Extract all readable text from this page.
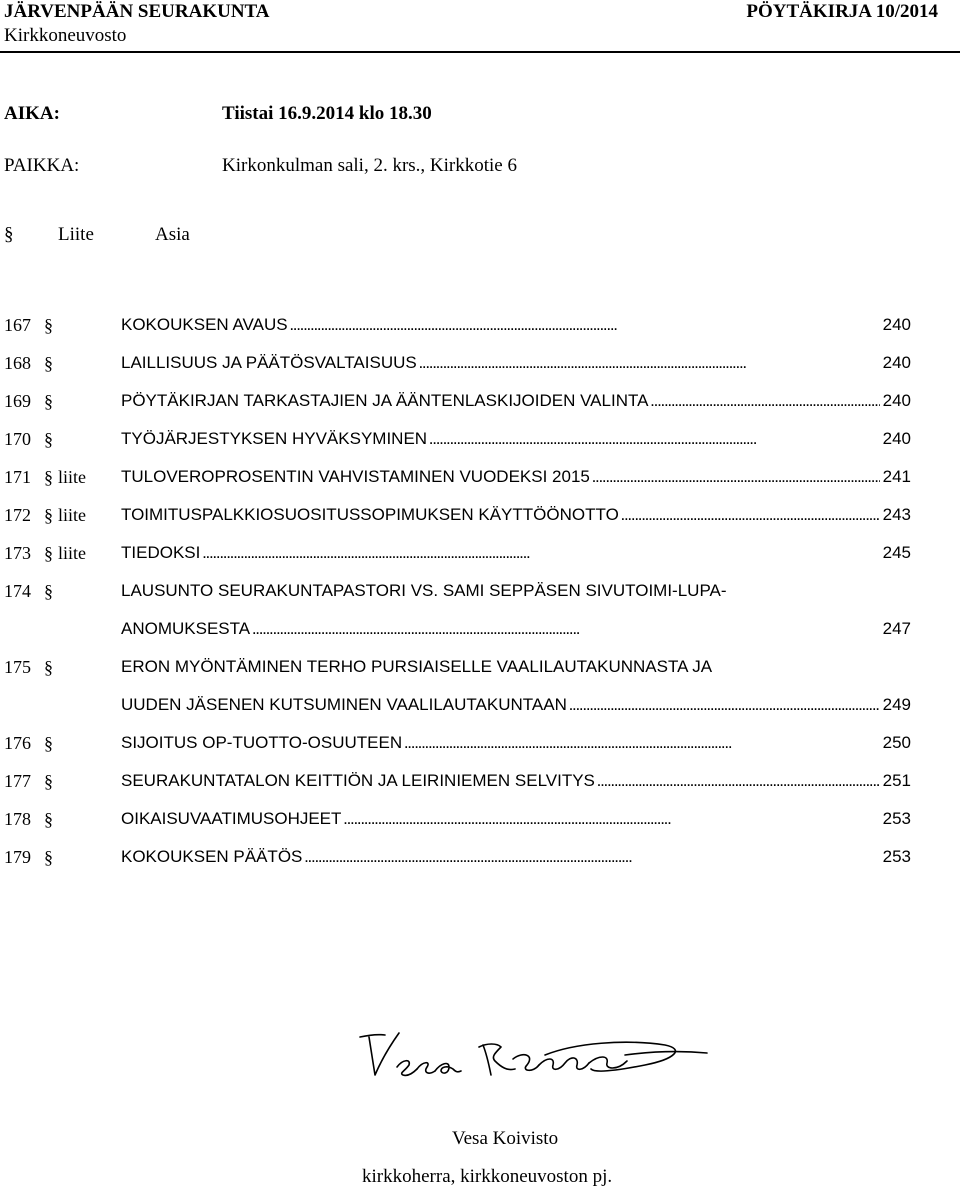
JÄRVENPÄÄN SEURAKUNTA	PÖYTÄKIRJA 10/2014
Kirkkoneuvosto
AIKA:	Tiistai 16.9.2014 klo 18.30
PAIKKA:	Kirkonkulman sali, 2. krs., Kirkkotie 6
§ Liite	Asia
167 §	KOKOUKSEN AVAUS . . .	240
168 §	LAILLISUUS JA PÄÄTÖSVALTAISUUS . . .	240
169 §	PÖYTÄKIRJAN TARKASTAJIEN JA ÄÄNTENLASKIJOIDEN VALINTA . . .	240
170 §	TYÖJÄRJESTYKSEN HYVÄKSYMINEN . . .	240
171 § liite TULOVEROPROSENTIN VAHVISTAMINEN VUODEKSI 2015 . . .	241
172 § liite TOIMITUSPALKKIOSUOSITUSSOPIMUKSEN KÄYTTÖÖNOTTO . . .	243
173 § liite TIEDOKSI . . .	245
174 §	LAUSUNTO SEURAKUNTAPASTORI VS. SAMI SEPPÄSEN SIVUTOIMI-LUPA-
ANOMUKSESTA . . .	247
175 §	ERON MYÖNTÄMINEN TERHO PURSIAISELLE VAALILAUTAKUNNASTA JA
UUDEN JÄSENEN KUTSUMINEN VAALILAUTAKUNTAAN . . .	249
176 §	SIJOITUS OP-TUOTTO-OSUUTEEN . . .	250
177 §	SEURAKUNTATALON KEITTIÖN JA LEIRINIEMEN SELVITYS . . .	251
178 §	OIKAISUVAATIMUSOHJEET . . .	253
179 §	KOKOUKSEN PÄÄTÖS . . .	253
Vesa Koivisto
kirkkoherra, kirkkoneuvoston pj.
